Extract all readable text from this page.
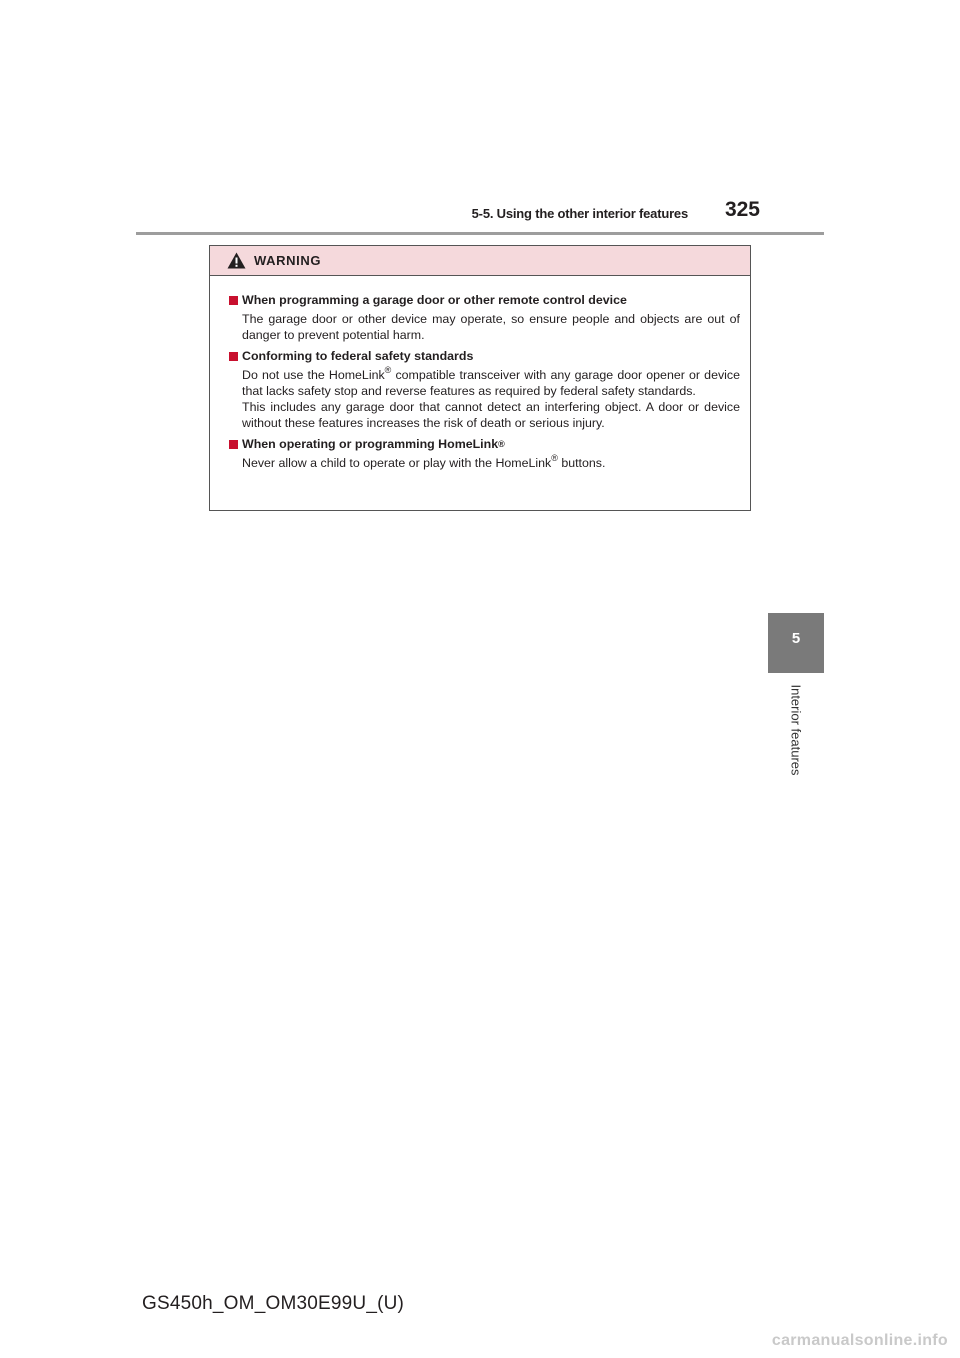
5-5. Using the other interior features	325
5
Interior features
WARNING
When programming a garage door or other remote control device

The garage door or other device may operate, so ensure people and objects are out of danger to prevent potential harm.

Conforming to federal safety standards

Do not use the HomeLink® compatible transceiver with any garage door opener or device that lacks safety stop and reverse features as required by federal safety standards.

This includes any garage door that cannot detect an interfering object. A door or device without these features increases the risk of death or serious injury.

When operating or programming HomeLink ®

Never allow a child to operate or play with the HomeLink® buttons.

GS450h_OM_OM30E99U_(U)
carmanualsonline.info
